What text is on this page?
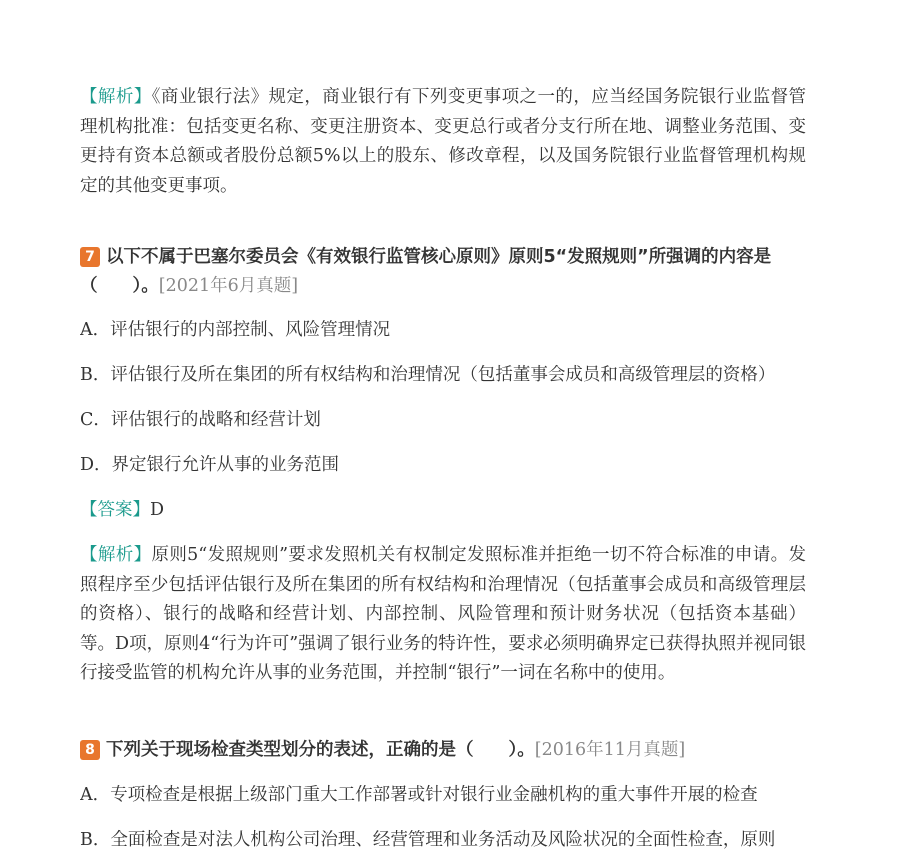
【解析】《商业银行法》规定，商业银行有下列变更事项之一的，应当经国务院银行业监督管理机构批准：包括变更名称、变更注册资本、变更总行或者分支行所在地、调整业务范围、变更持有资本总额或者股份总额5%以上的股东、修改章程，以及国务院银行业监督管理机构规定的其他变更事项。

7 以下不属于巴塞尔委员会《有效银行监管核心原则》原则5“发照规则”所强调的内容是（　　）。[2021年6月真题]

A．评估银行的内部控制、风险管理情况

B．评估银行及所在集团的所有权结构和治理情况（包括董事会成员和高级管理层的资格）

C．评估银行的战略和经营计划

D．界定银行允许从事的业务范围

【答案】D

【解析】原则5“发照规则”要求发照机关有权制定发照标准并拒绝一切不符合标准的申请。发照程序至少包括评估银行及所在集团的所有权结构和治理情况（包括董事会成员和高级管理层的资格）、银行的战略和经营计划、内部控制、风险管理和预计财务状况（包括资本基础）等。D项，原则4“行为许可”强调了银行业务的特许性，要求必须明确界定已获得执照并视同银行接受监管的机构允许从事的业务范围，并控制“银行”一词在名称中的使用。

8 下列关于现场检查类型划分的表述，正确的是（　　）。[2016年11月真题]

A．专项检查是根据上级部门重大工作部署或针对银行业金融机构的重大事件开展的检查

B．全面检查是对法人机构公司治理、经营管理和业务活动及风险状况的全面性检查，原则
